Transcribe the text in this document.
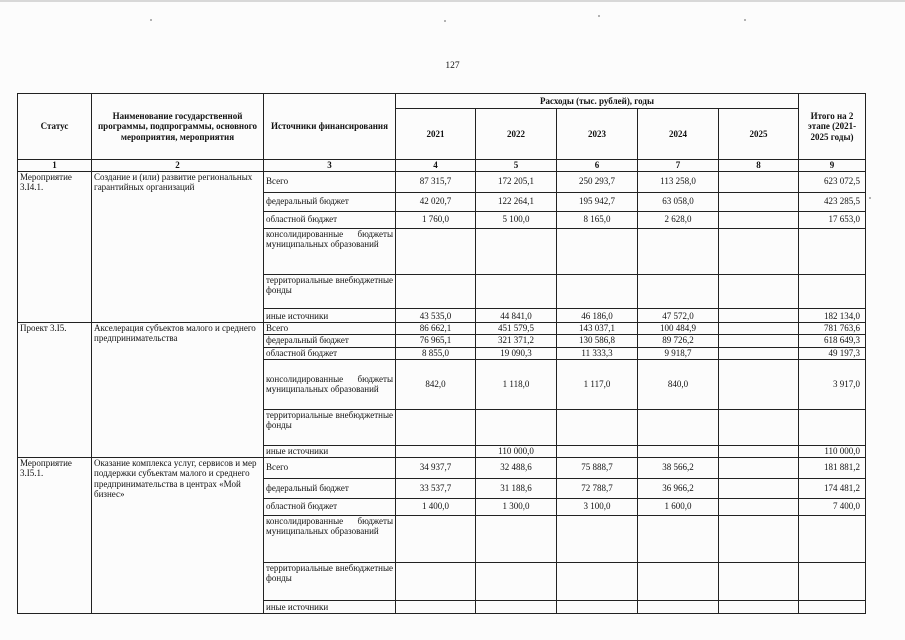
127
Статус	Наименование государственной программы, подпрограммы, основного мероприятия, мероприятия	Источники финансирования	Расходы (тыс. рублей), годы					Итого на 2 этапе (2021-2025 годы)
			2021	2022	2023	2024	2025	
1	2	3	4	5	6	7	8	9
Мероприятие 3.I4.1.	Создание и (или) развитие региональных гарантийных организаций	Всего	87 315,7	172 205,1	250 293,7	113 258,0		623 072,5
		федеральный бюджет	42 020,7	122 264,1	195 942,7	63 058,0		423 285,5
		областной бюджет	1 760,0	5 100,0	8 165,0	2 628,0		17 653,0
		консолидированные бюджеты муниципальных образований						
		территориальные внебюджетные фонды						
		иные источники	43 535,0	44 841,0	46 186,0	47 572,0		182 134,0
Проект 3.I5.	Акселерация субъектов малого и среднего предпринимательства	Всего	86 662,1	451 579,5	143 037,1	100 484,9		781 763,6
		федеральный бюджет	76 965,1	321 371,2	130 586,8	89 726,2		618 649,3
		областной бюджет	8 855,0	19 090,3	11 333,3	9 918,7		49 197,3
		консолидированные бюджеты муниципальных образований	842,0	1 118,0	1 117,0	840,0		3 917,0
		территориальные внебюджетные фонды						
		иные источники		110 000,0				110 000,0
Мероприятие 3.I5.1.	Оказание комплекса услуг, сервисов и мер поддержки субъектам малого и среднего предпринимательства в центрах «Мой бизнес»	Всего	34 937,7	32 488,6	75 888,7	38 566,2		181 881,2
		федеральный бюджет	33 537,7	31 188,6	72 788,7	36 966,2		174 481,2
		областной бюджет	1 400,0	1 300,0	3 100,0	1 600,0		7 400,0
		консолидированные бюджеты муниципальных образований						
		территориальные внебюджетные фонды						
		иные источники						
